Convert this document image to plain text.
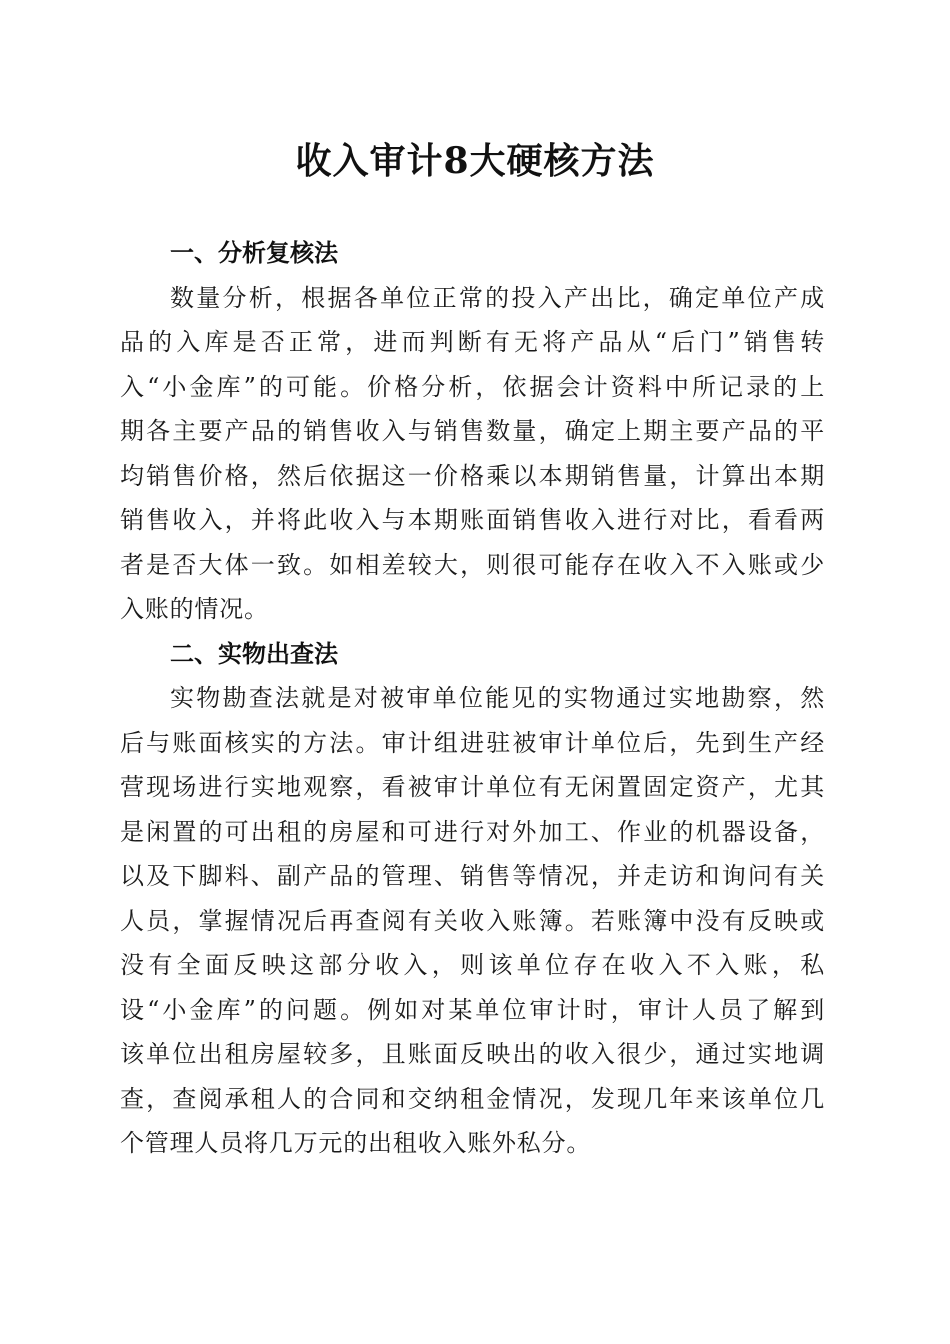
收入审计8大硬核方法
一、分析复核法
数量分析，根据各单位正常的投入产出比，确定单位产成
品的入库是否正常，进而判断有无将产品从“后门”销售转
入“小金库”的可能。价格分析，依据会计资料中所记录的上
期各主要产品的销售收入与销售数量，确定上期主要产品的平
均销售价格，然后依据这一价格乘以本期销售量，计算出本期
销售收入，并将此收入与本期账面销售收入进行对比，看看两
者是否大体一致。如相差较大，则很可能存在收入不入账或少
入账的情况。
二、实物出查法
实物勘查法就是对被审单位能见的实物通过实地勘察，然
后与账面核实的方法。审计组进驻被审计单位后，先到生产经
营现场进行实地观察，看被审计单位有无闲置固定资产，尤其
是闲置的可出租的房屋和可进行对外加工、作业的机器设备，
以及下脚料、副产品的管理、销售等情况，并走访和询问有关
人员，掌握情况后再查阅有关收入账簿。若账簿中没有反映或
没有全面反映这部分收入，则该单位存在收入不入账，私
设“小金库”的问题。例如对某单位审计时，审计人员了解到
该单位出租房屋较多，且账面反映出的收入很少，通过实地调
查，查阅承租人的合同和交纳租金情况，发现几年来该单位几
个管理人员将几万元的出租收入账外私分。
